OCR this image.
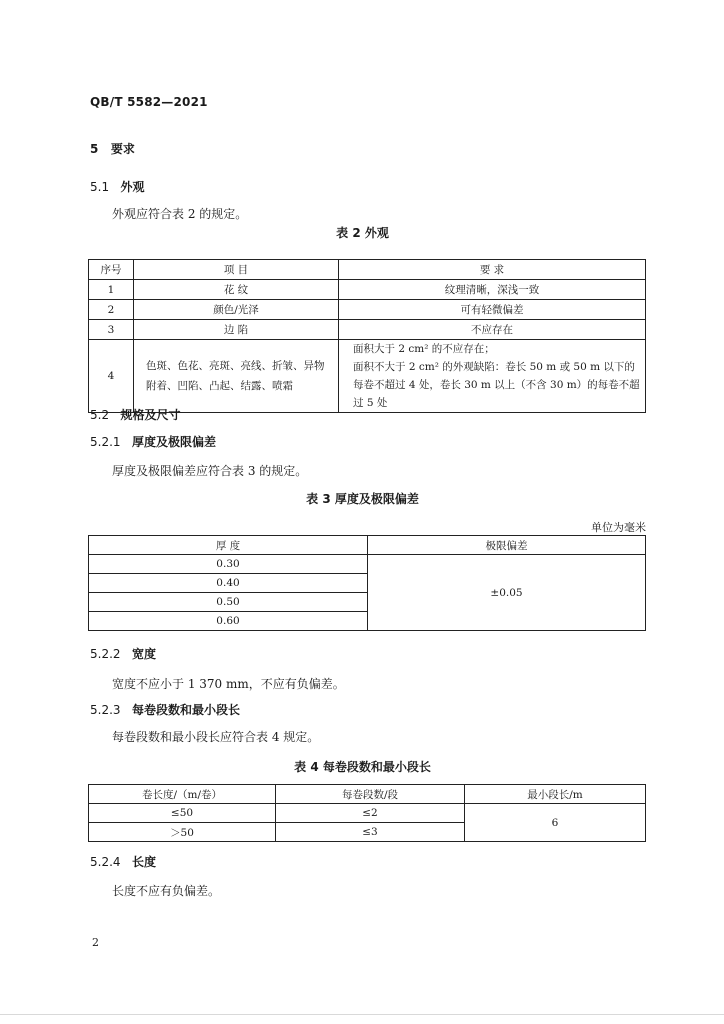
QB/T 5582—2021
5 要求
5.1 外观
外观应符合表 2 的规定。
表 2 外观
序号	项 目	要 求
1	花 纹	纹理清晰，深浅一致
2	颜色/光泽	可有轻微偏差
3	边 陷	不应存在
4	色斑、色花、亮斑、亮线、折皱、异物附着、凹陷、凸起、结露、喷霜	面积大于 2 cm² 的不应存在；
面积不大于 2 cm² 的外观缺陷：卷长 50 m 或 50 m 以下的每卷不超过 4 处，卷长 30 m 以上（不含 30 m）的每卷不超过 5 处
5.2 规格及尺寸
5.2.1 厚度及极限偏差
厚度及极限偏差应符合表 3 的规定。
表 3 厚度及极限偏差
单位为毫米
厚 度	极限偏差
0.30	±0.05
0.40	
0.50	
0.60	
5.2.2 宽度
宽度不应小于 1 370 mm，不应有负偏差。
5.2.3 每卷段数和最小段长
每卷段数和最小段长应符合表 4 规定。
表 4 每卷段数和最小段长
卷长度/（m/卷）	每卷段数/段	最小段长/m
≤50	≤2	6
＞50	≤3	
5.2.4 长度
长度不应有负偏差。
2
